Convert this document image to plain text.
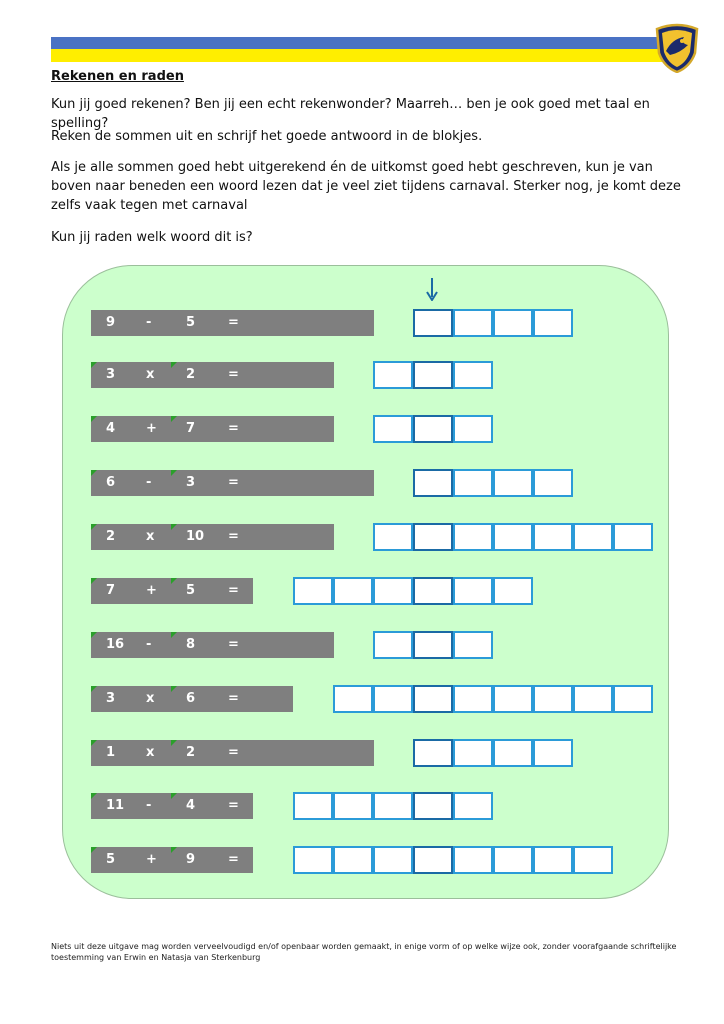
Rekenen en raden
Kun jij goed rekenen? Ben jij een echt rekenwonder? Maarreh… ben je ook goed met taal en spelling?
Reken de sommen uit en schrijf het goede antwoord in de blokjes.
Als je alle sommen goed hebt uitgerekend én de uitkomst goed hebt geschreven, kun je van boven naar beneden een woord lezen dat je veel ziet tijdens carnaval. Sterker nog, je komt deze zelfs vaak tegen met carnaval
Kun jij raden welk woord dit is?
9 -	5	=
3 x 2	=
4 + 7	=
6 -	3	=
2 x 10 =
7 + 5	=
16 -	8	=
3 x 6	=
1 x 2	=
11 -	4	=
5 + 9	=
Niets uit deze uitgave mag worden verveelvoudigd en/of openbaar worden gemaakt, in enige vorm of op welke wijze ook, zonder voorafgaande schriftelijke toestemming van Erwin en Natasja van Sterkenburg
